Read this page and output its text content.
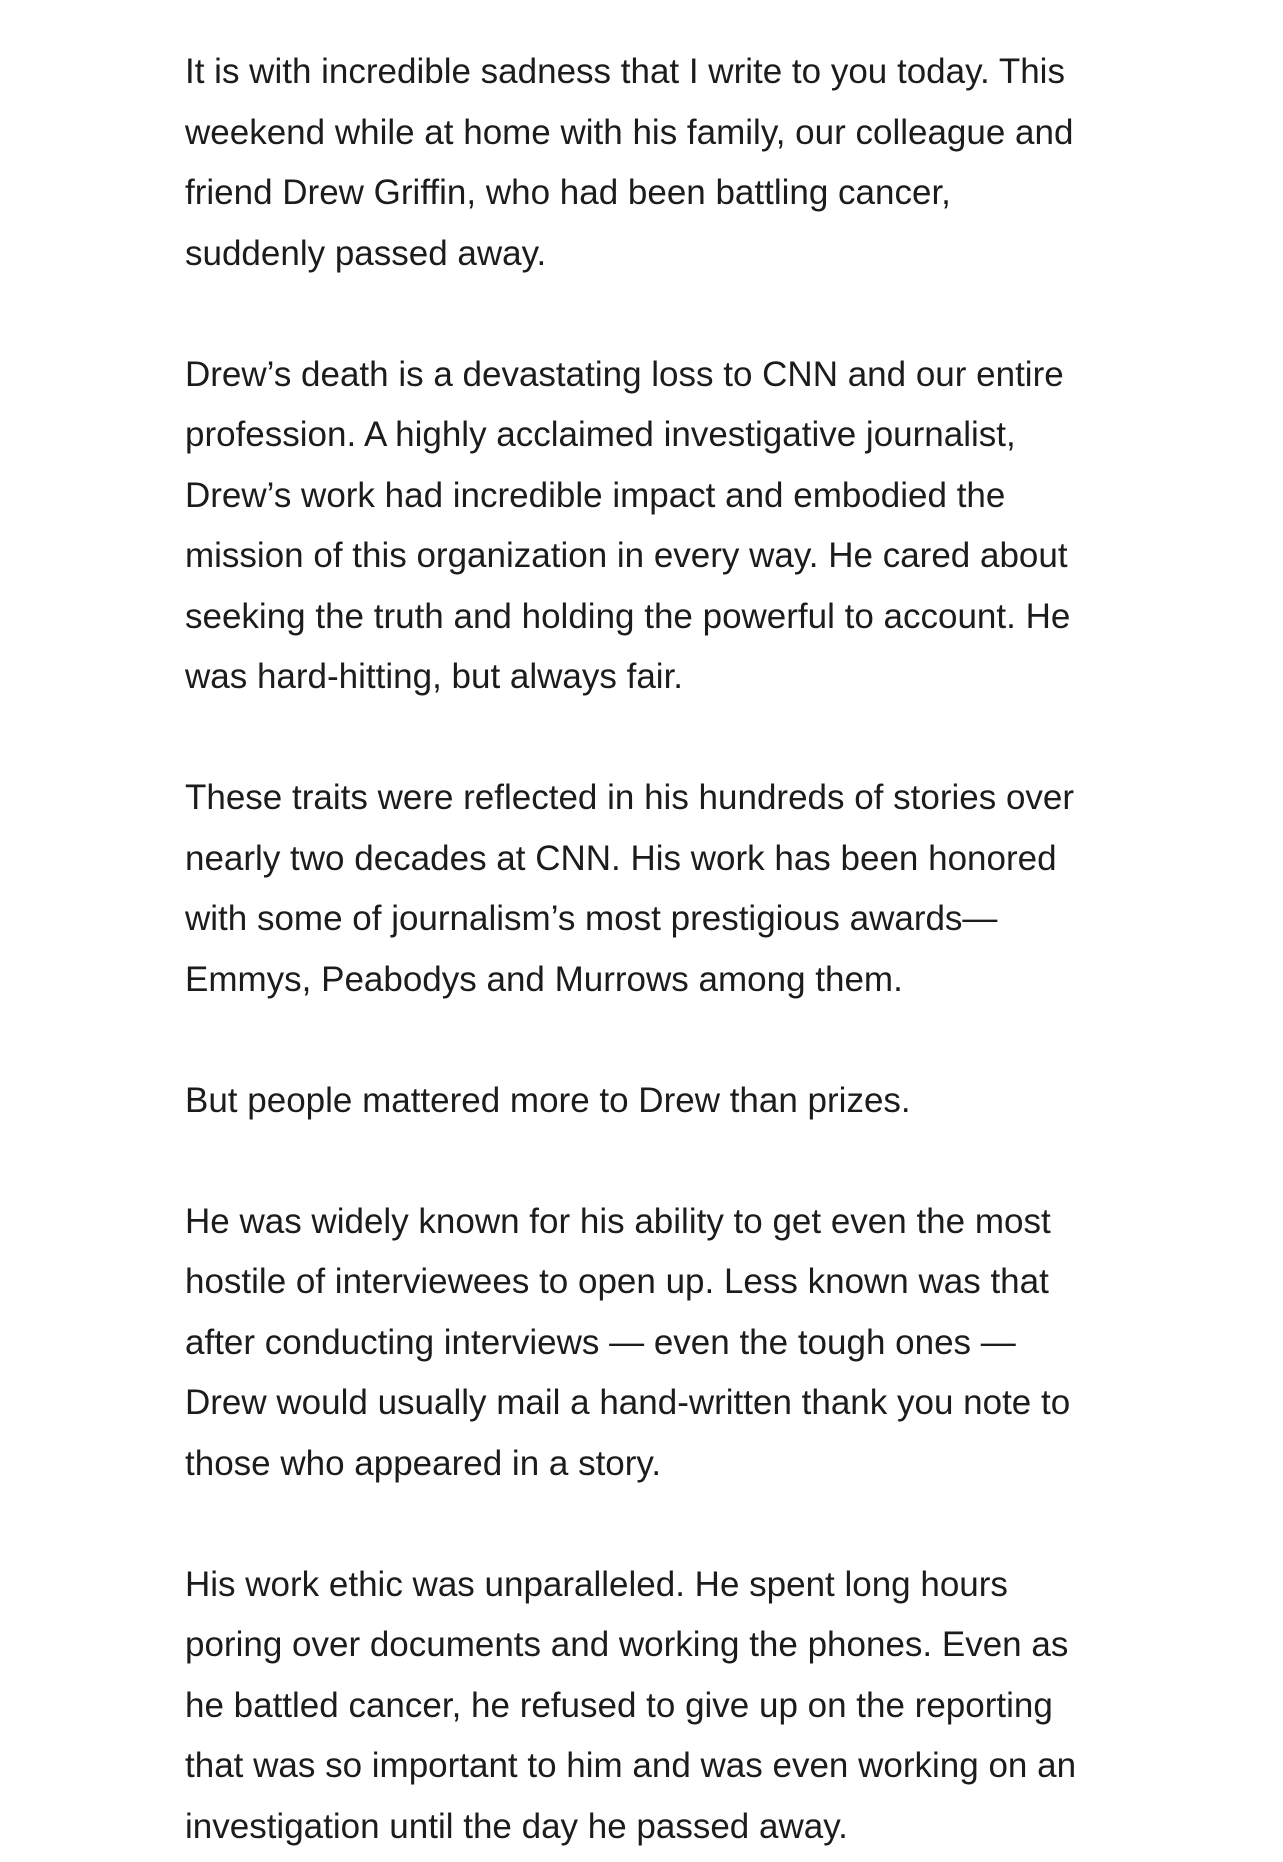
It is with incredible sadness that I write to you today. This
weekend while at home with his family, our colleague and
friend Drew Griffin, who had been battling cancer,
suddenly passed away.

Drew’s death is a devastating loss to CNN and our entire
profession. A highly acclaimed investigative journalist,
Drew’s work had incredible impact and embodied the
mission of this organization in every way. He cared about
seeking the truth and holding the powerful to account. He
was hard-hitting, but always fair.

These traits were reflected in his hundreds of stories over
nearly two decades at CNN. His work has been honored
with some of journalism’s most prestigious awards—
Emmys, Peabodys and Murrows among them.

But people mattered more to Drew than prizes.

He was widely known for his ability to get even the most
hostile of interviewees to open up. Less known was that
after conducting interviews — even the tough ones —
Drew would usually mail a hand-written thank you note to
those who appeared in a story.

His work ethic was unparalleled. He spent long hours
poring over documents and working the phones. Even as
he battled cancer, he refused to give up on the reporting
that was so important to him and was even working on an
investigation until the day he passed away.
